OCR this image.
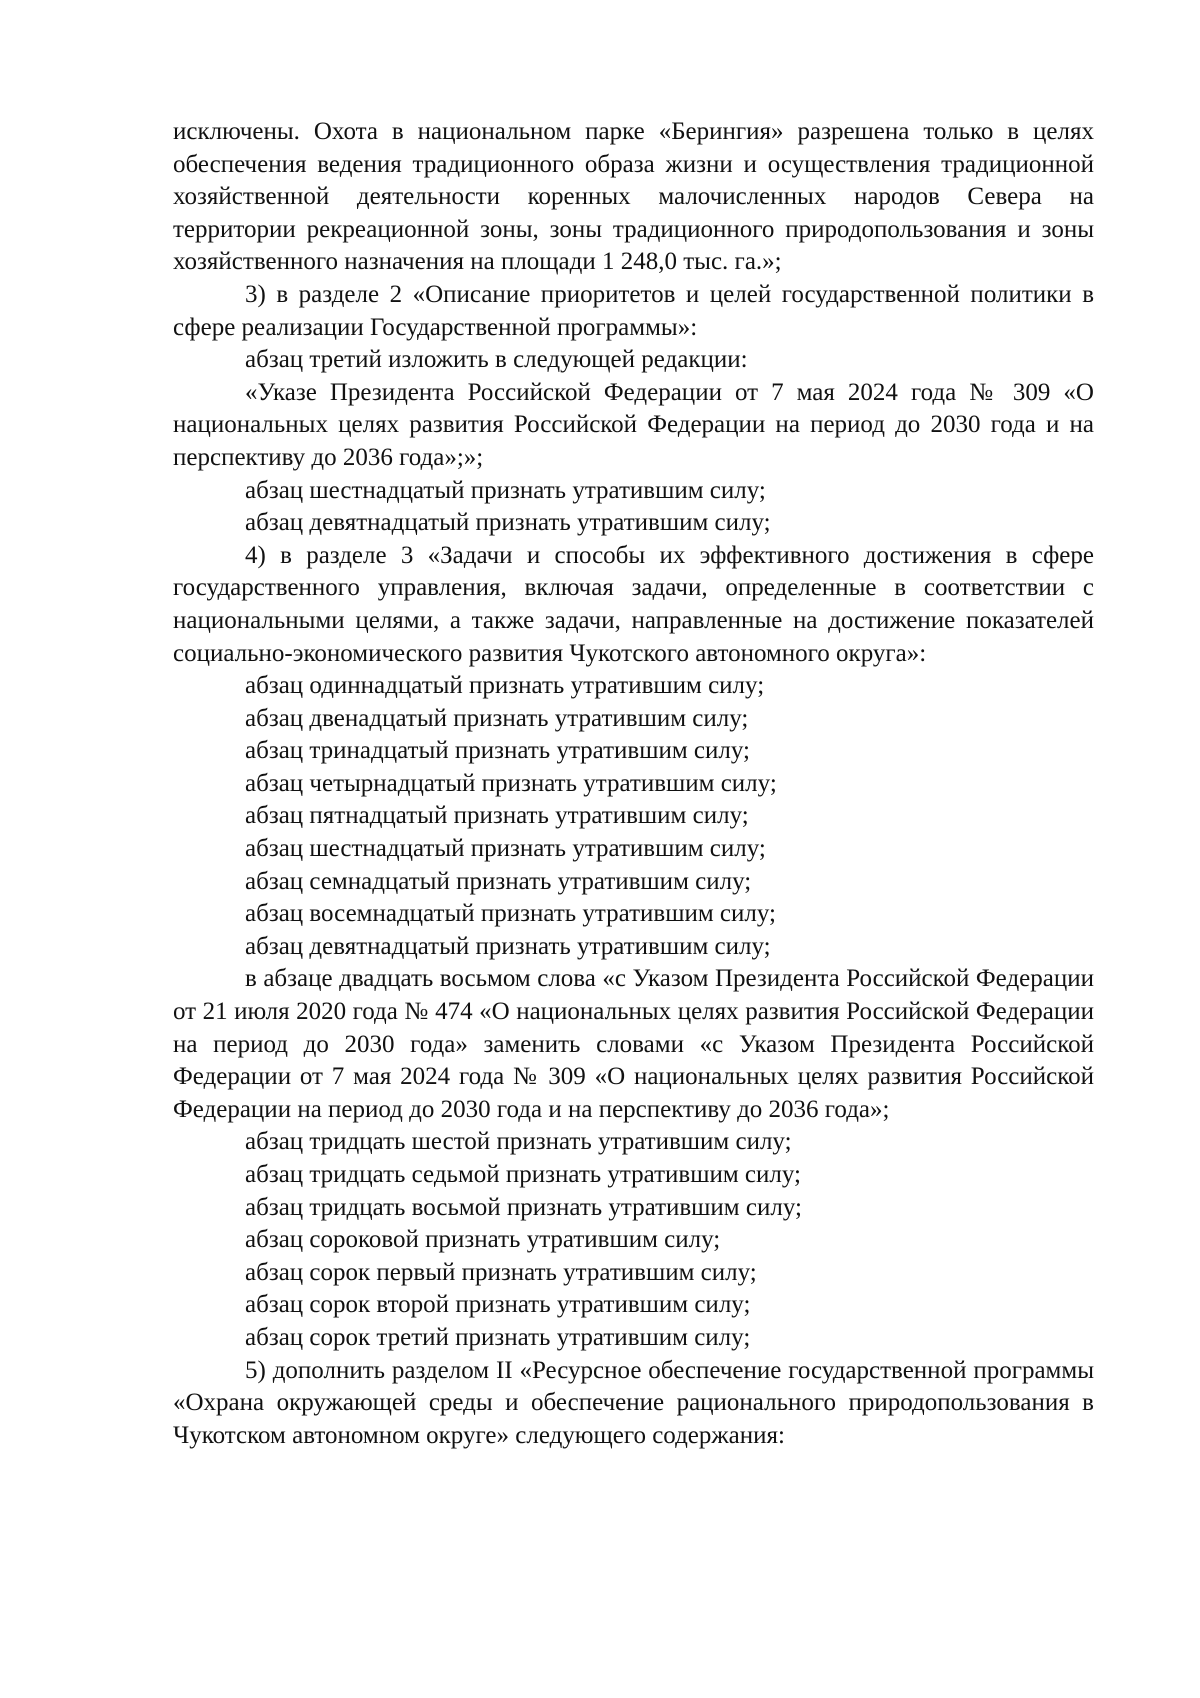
исключены. Охота в национальном парке «Берингия» разрешена только в целях обеспечения ведения традиционного образа жизни и осуществления традиционной хозяйственной деятельности коренных малочисленных народов Севера на территории рекреационной зоны, зоны традиционного природопользования и зоны хозяйственного назначения на площади 1 248,0 тыс. га.»;

3) в разделе 2 «Описание приоритетов и целей государственной политики в сфере реализации Государственной программы»:

абзац третий изложить в следующей редакции:

«Указе Президента Российской Федерации от 7 мая 2024 года № 309 «О национальных целях развития Российской Федерации на период до 2030 года и на перспективу до 2036 года»;»;

абзац шестнадцатый признать утратившим силу;

абзац девятнадцатый признать утратившим силу;

4) в разделе 3 «Задачи и способы их эффективного достижения в сфере государственного управления, включая задачи, определенные в соответствии с национальными целями, а также задачи, направленные на достижение показателей социально-экономического развития Чукотского автономного округа»:

абзац одиннадцатый признать утратившим силу;

абзац двенадцатый признать утратившим силу;

абзац тринадцатый признать утратившим силу;

абзац четырнадцатый признать утратившим силу;

абзац пятнадцатый признать утратившим силу;

абзац шестнадцатый признать утратившим силу;

абзац семнадцатый признать утратившим силу;

абзац восемнадцатый признать утратившим силу;

абзац девятнадцатый признать утратившим силу;

в абзаце двадцать восьмом слова «с Указом Президента Российской Федерации от 21 июля 2020 года № 474 «О национальных целях развития Российской Федерации на период до 2030 года» заменить словами «с Указом Президента Российской Федерации от 7 мая 2024 года № 309 «О национальных целях развития Российской Федерации на период до 2030 года и на перспективу до 2036 года»;

абзац тридцать шестой признать утратившим силу;

абзац тридцать седьмой признать утратившим силу;

абзац тридцать восьмой признать утратившим силу;

абзац сороковой признать утратившим силу;

абзац сорок первый признать утратившим силу;

абзац сорок второй признать утратившим силу;

абзац сорок третий признать утратившим силу;

5) дополнить разделом II «Ресурсное обеспечение государственной программы «Охрана окружающей среды и обеспечение рационального природопользования в Чукотском автономном округе» следующего содержания:
